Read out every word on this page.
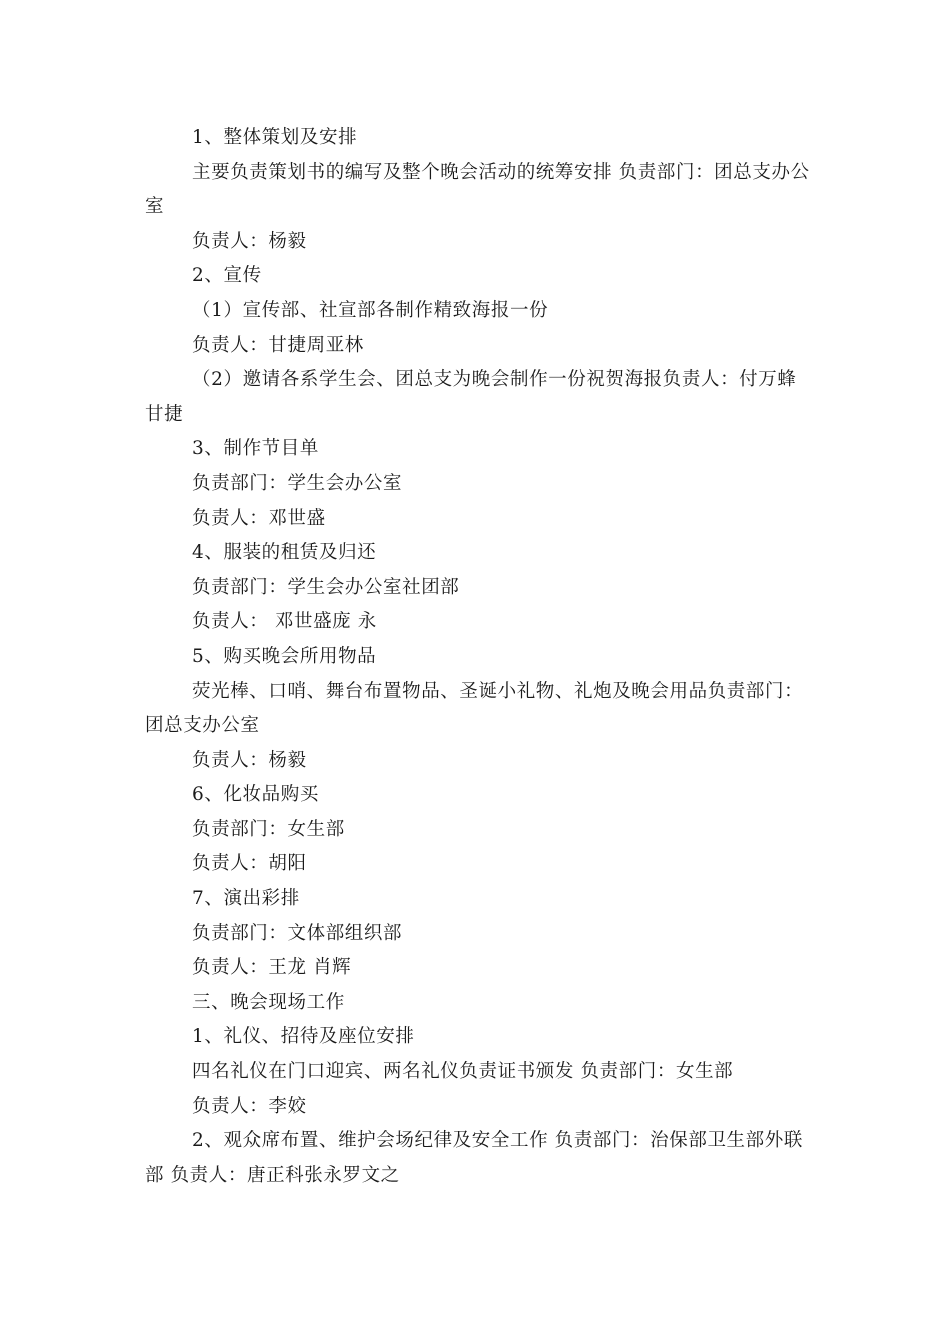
1、整体策划及安排

主要负责策划书的编写及整个晚会活动的统筹安排 负责部门：团总支办公室

负责人：杨毅

2、宣传

（1）宣传部、社宣部各制作精致海报一份

负责人：甘捷周亚林

（2）邀请各系学生会、团总支为晚会制作一份祝贺海报负责人：付万蜂甘捷

3、制作节目单

负责部门：学生会办公室

负责人：邓世盛

4、服装的租赁及归还

负责部门：学生会办公室社团部

负责人： 邓世盛庞 永

5、购买晚会所用物品

荧光棒、口哨、舞台布置物品、圣诞小礼物、礼炮及晚会用品负责部门：团总支办公室

负责人：杨毅

6、化妆品购买

负责部门：女生部

负责人：胡阳

7、演出彩排

负责部门：文体部组织部

负责人：王龙 肖辉

三、晚会现场工作

1、礼仪、招待及座位安排

四名礼仪在门口迎宾、两名礼仪负责证书颁发 负责部门：女生部

负责人：李姣

2、观众席布置、维护会场纪律及安全工作 负责部门：治保部卫生部外联部 负责人：唐正科张永罗文之
